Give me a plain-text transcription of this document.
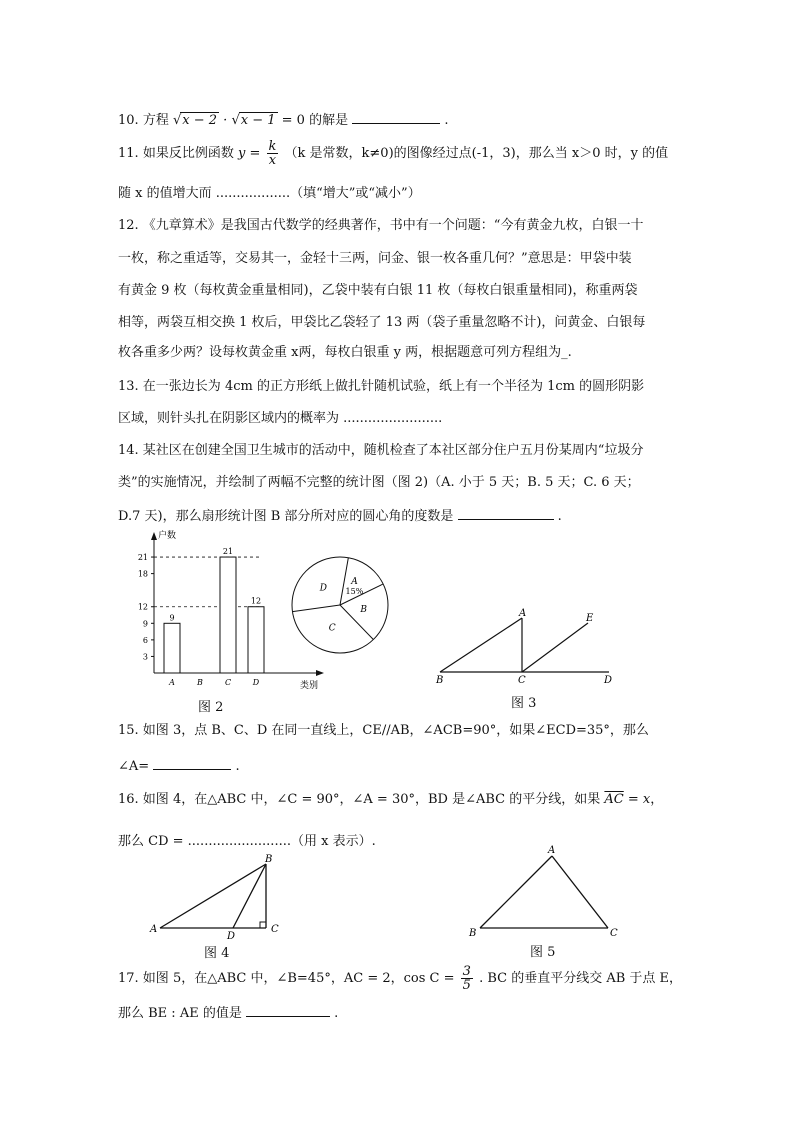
10. 方程 √x − 2 · √x − 1 = 0 的解是	.
11. 如果反比例函数 $y = \frac{k}{x} (k$ 是常数，k≠0)的图像经过点(-1，3)，那么当 x＞0 时，y 的值
随 x 的值增大而 ..................（填“增大”或“减小”）
12. 《九章算术》是我国古代数学的经典著作，书中有一个问题：“今有黄金九枚，白银一十
一枚，称之重适等，交易其一，金轻十三两，问金、银一枚各重几何？”意思是：甲袋中装
有黄金 9 枚（每枚黄金重量相同)，乙袋中装有白银 11 枚（每枚白银重量相同)，称重两袋
相等，两袋互相交换 1 枚后，甲袋比乙袋轻了 13 两（袋子重量忽略不计)，问黄金、白银每
枚各重多少两？设每枚黄金重 x两，每枚白银重 y 两，根据题意可列方程组为_.
13. 在一张边长为 4cm 的正方形纸上做扎针随机试验，纸上有一个半径为 1cm 的圆形阴影
区域，则针头扎在阴影区域内的概率为 ........................
14. 某社区在创建全国卫生城市的活动中，随机检查了本社区部分住户五月份某周内“垃圾分
类”的实施情况，并绘制了两幅不完整的统计图（图 2)（A. 小于 5 天；B. 5 天；C. 6 天；
D.7 天)，那么扇形统计图 B 部分所对应的圆心角的度数是	.
户数
类别
3
6
9
12
18
21
9
A	B
21
C
12
D
图 2
A
15%
B
C
D
A
B	C	D
E
图 3
15. 如图 3，点 B、C、D 在同一直线上，CE//AB，∠ACB=90°，如果∠ECD=35°，那么
∠A=	.
16. 如图 4，在△ABC 中，∠C = 90°，∠A = 30°，BD 是∠ABC 的平分线，如果 $\overline{AC} = x$，
那么 CD = .........................（用 x 表示）.
A
B
C
D
图 4
A
B	C
图 5
17. 如图 5，在△ABC 中，∠B=45°，AC = 2，$\cos C = \frac{3}{5}$ . BC 的垂直平分线交 AB 于点 E，
那么 BE : AE 的值是	.
